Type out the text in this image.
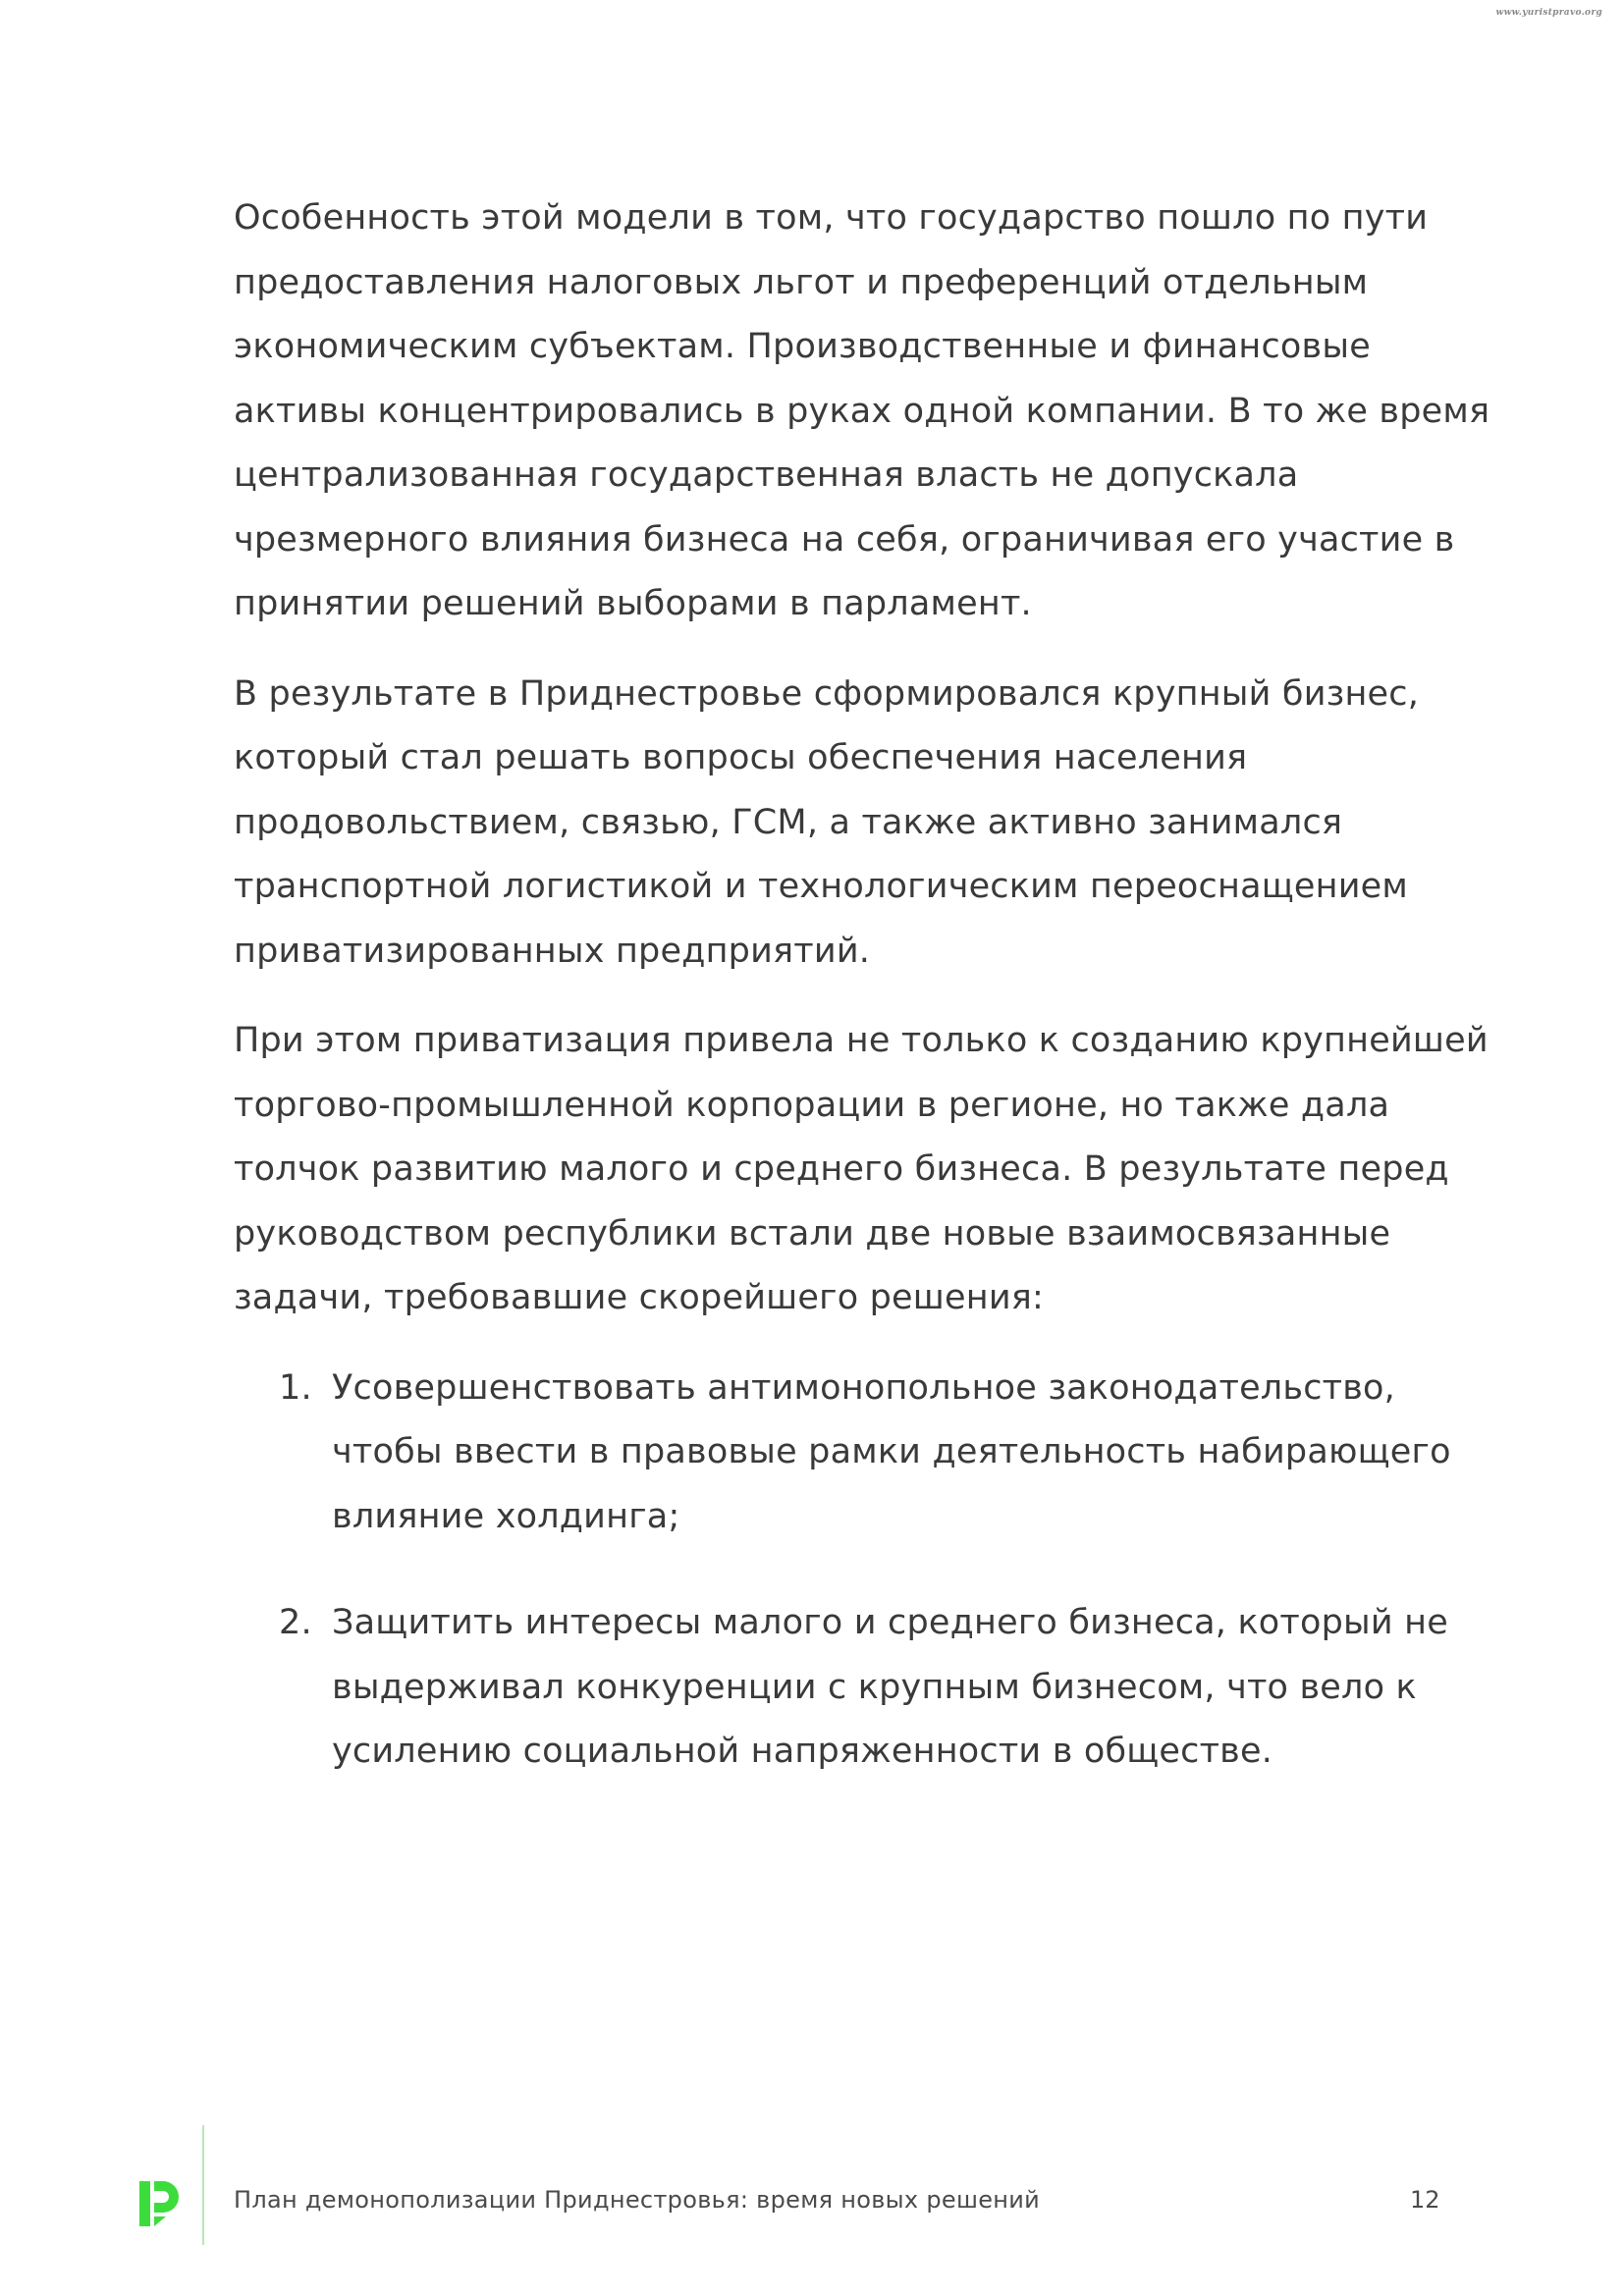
www.yuristpravo.org

Особенность этой модели в том, что государство пошло по пути
предоставления налоговых льгот и преференций отдельным
экономическим субъектам. Производственные и финансовые
активы концентрировались в руках одной компании. В то же время
централизованная государственная власть не допускала
чрезмерного влияния бизнеса на себя, ограничивая его участие в
принятии решений выборами в парламент.

В результате в Приднестровье сформировался крупный бизнес,
который стал решать вопросы обеспечения населения
продовольствием, связью, ГСМ, а также активно занимался
транспортной логистикой и технологическим переоснащением
приватизированных предприятий.

При этом приватизация привела не только к созданию крупнейшей
торгово-промышленной корпорации в регионе, но также дала
толчок развитию малого и среднего бизнеса. В результате перед
руководством республики встали две новые взаимосвязанные
задачи, требовавшие скорейшего решения:

1. Усовершенствовать антимонопольное законодательство,
чтобы ввести в правовые рамки деятельность набирающего
влияние холдинга;
2. Защитить интересы малого и среднего бизнеса, который не
выдерживал конкуренции с крупным бизнесом, что вело к
усилению социальной напряженности в обществе.
План демонополизации Приднестровья: время новых решений	12
